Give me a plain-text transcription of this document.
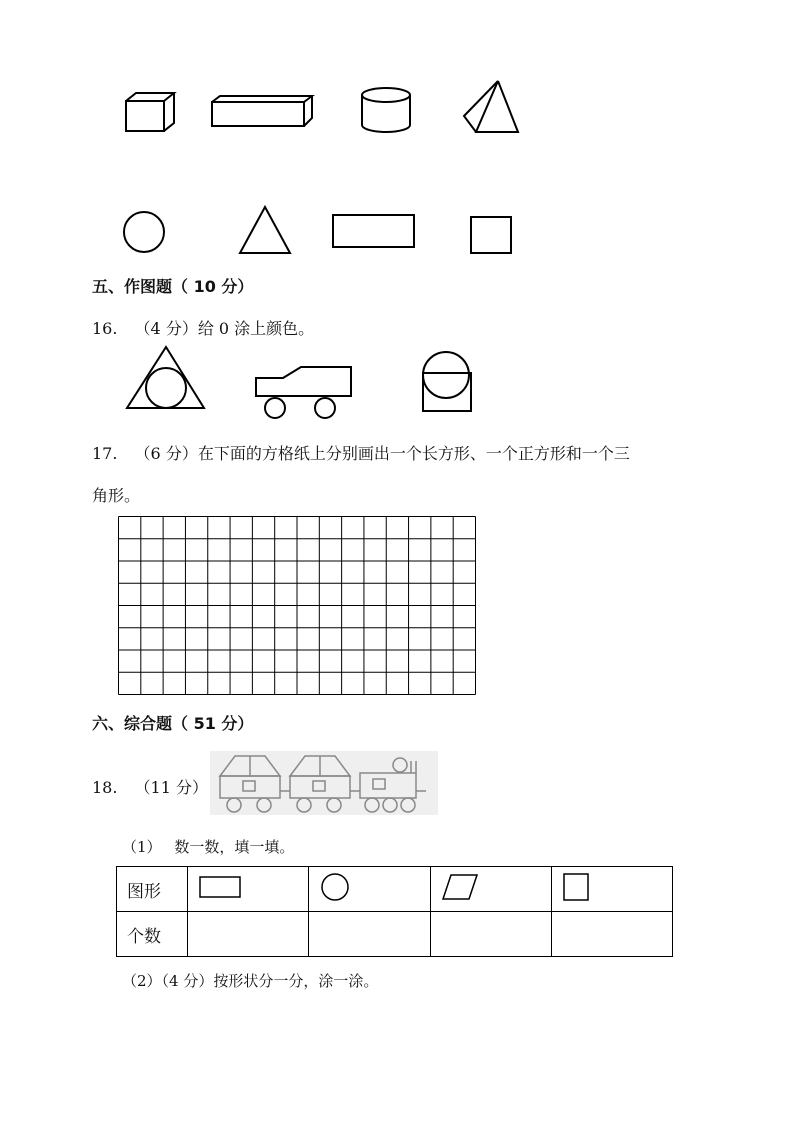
五、作图题（ 10 分）
16. （4 分）给 0 涂上颜色。
17. （6 分）在下面的方格纸上分别画出一个长方形、一个正方形和一个三
角形。
六、综合题（ 51 分）
18. （11 分）
（1） 数一数，填一填。
图形				
个数				
（2）（4 分）按形状分一分，涂一涂。
